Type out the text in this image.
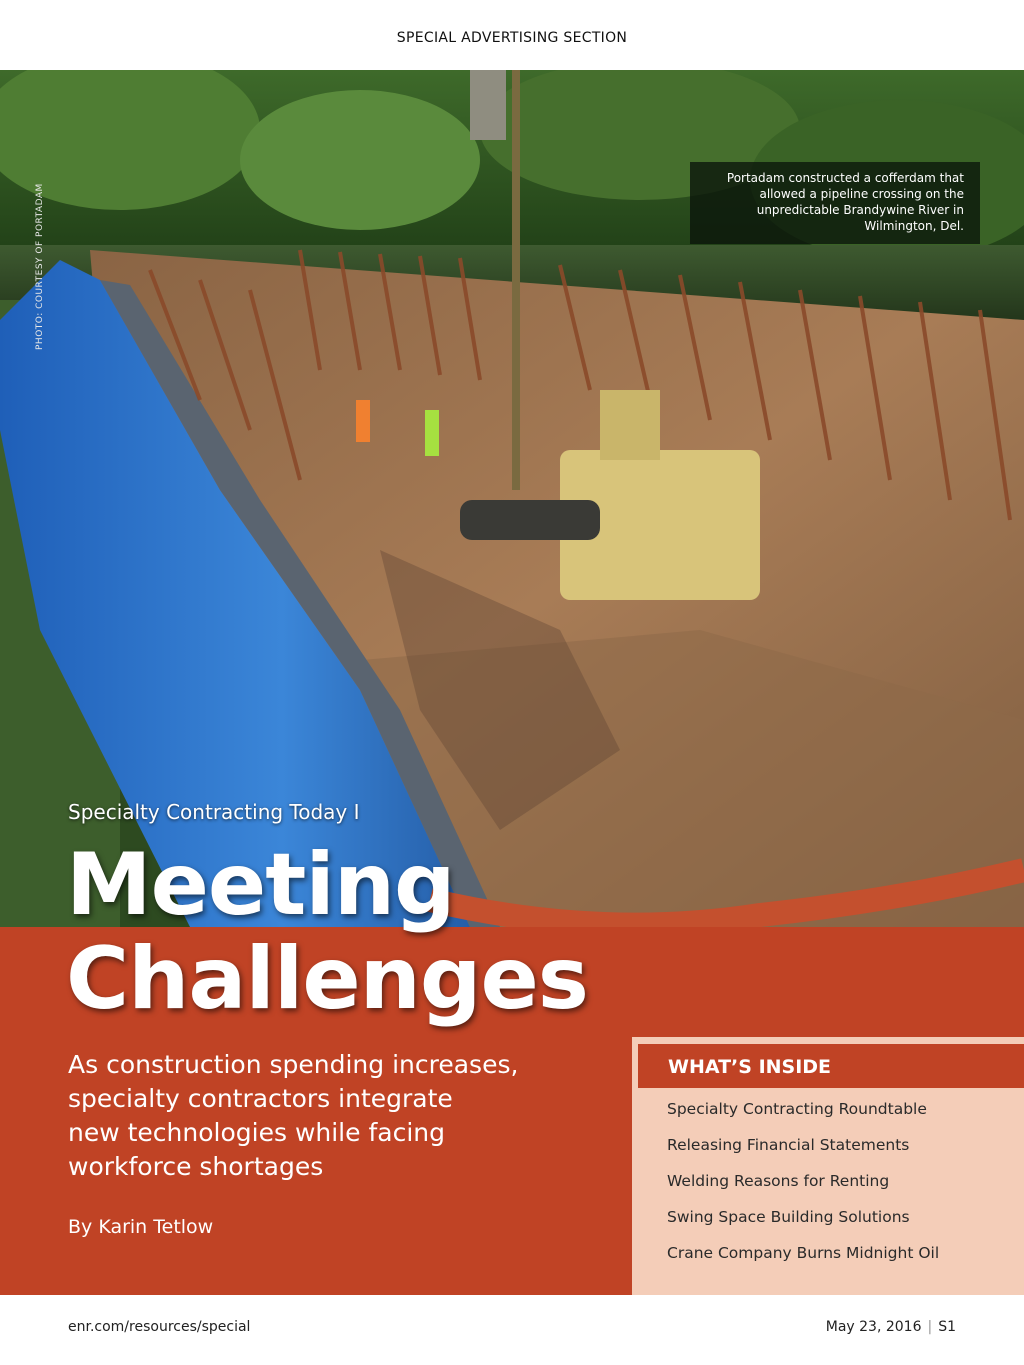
SPECIAL ADVERTISING SECTION
PHOTO: COURTESY OF PORTADAM
Portadam constructed a cofferdam that allowed a pipeline crossing on the unpredictable Brandywine River in Wilmington, Del.
Specialty Contracting Today I
Meeting
Challenges
As construction spending increases,
specialty contractors integrate
new technologies while facing
workforce shortages
By Karin Tetlow
WHAT’S INSIDE
Specialty Contracting Roundtable
Releasing Financial Statements
Welding Reasons for Renting
Swing Space Building Solutions
Crane Company Burns Midnight Oil
enr.com/resources/special	May 23, 2016 | S1
